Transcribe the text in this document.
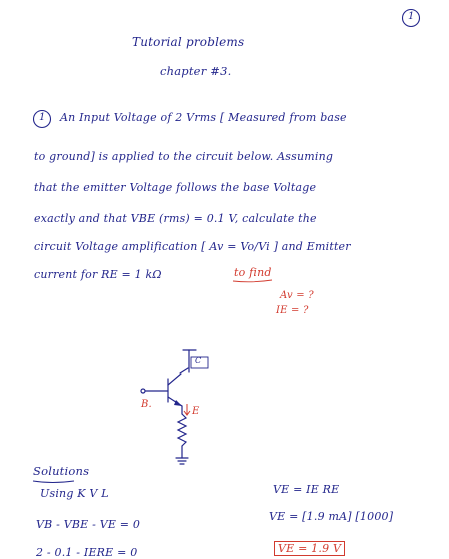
1
Tutorial problems
chapter #3.
1 An Input Voltage of 2 Vrms [ Measured from base
to ground] is applied to the circuit below. Assuming
that the emitter Voltage follows the base Voltage
exactly and that VBE (rms) = 0.1 V, calculate the
circuit Voltage amplification [ Av = Vo/Vi ] and Emitter
current for RE = 1 kΩ	to find
Av = ?
IE = ?
C
B.
E
Solutions
Using K V L
VB - VBE - VE = 0
2 - 0.1 - IERE = 0
VE = IE RE
VE = [1.9 mA] [1000]
VE = 1.9 V
